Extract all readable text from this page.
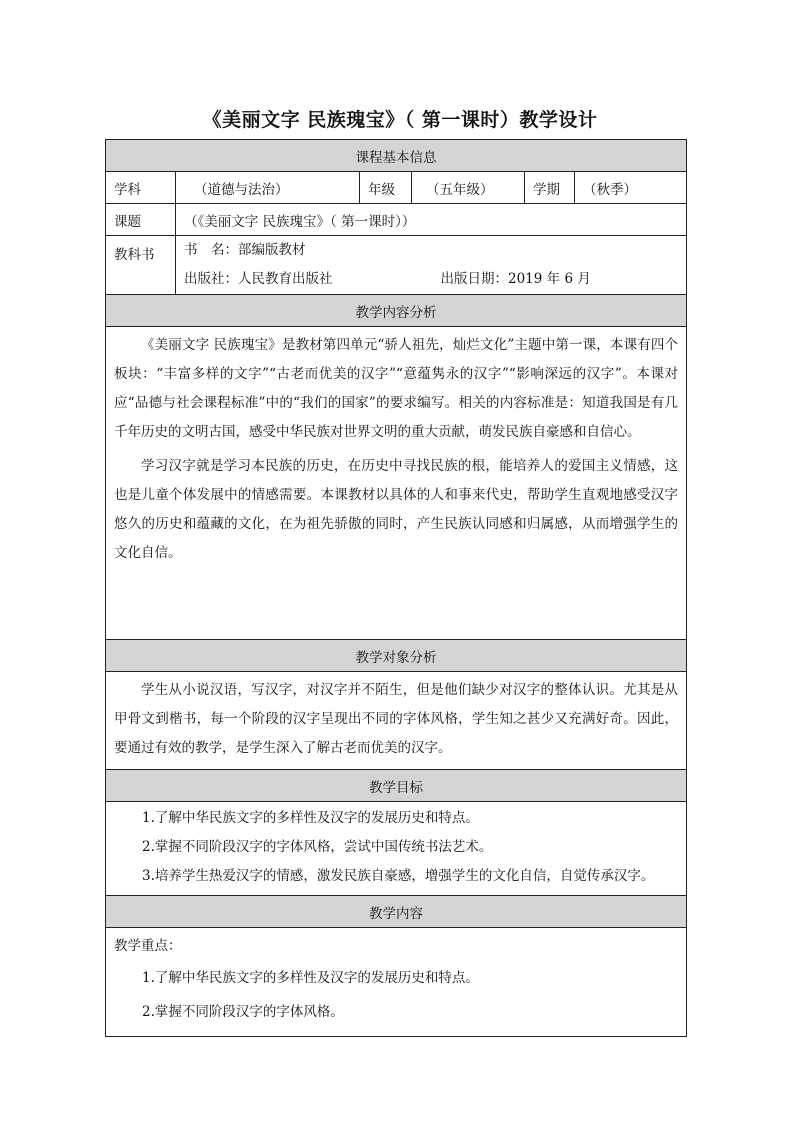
《美丽文字 民族瑰宝》（ 第一课时）教学设计
课程基本信息					
学科	（道德与法治）	年级	（五年级）	学期	（秋季）
课题	（《美丽文字 民族瑰宝》（ 第一课时））				
教科书	书　名：部编版教材
出版社：人民教育出版社 出版日期：2019 年 6 月				

教学内容分析					

《美丽文字 民族瑰宝》是教材第四单元“骄人祖先，灿烂文化”主题中第一课，本课有四个板块：“丰富多样的文字”“古老而优美的汉字”“意蕴隽永的汉字”“影响深远的汉字”。本课对应“品德与社会课程标准”中的“我们的国家”的要求编写。相关的内容标准是：知道我国是有几千年历史的文明古国，感受中华民族对世界文明的重大贡献，萌发民族自豪感和自信心。

学习汉字就是学习本民族的历史，在历史中寻找民族的根，能培养人的爱国主义情感，这也是儿童个体发展中的情感需要。本课教材以具体的人和事来代史，帮助学生直观地感受汉字悠久的历史和蕴藏的文化，在为祖先骄傲的同时，产生民族认同感和归属感，从而增强学生的文化自信。					

教学对象分析					

学生从小说汉语，写汉字，对汉字并不陌生，但是他们缺少对汉字的整体认识。尤其是从甲骨文到楷书，每一个阶段的汉字呈现出不同的字体风格，学生知之甚少又充满好奇。因此，要通过有效的教学，是学生深入了解古老而优美的汉字。					

教学目标					

1.了解中华民族文字的多样性及汉字的发展历史和特点。
2.掌握不同阶段汉字的字体风格，尝试中国传统书法艺术。
3.培养学生热爱汉字的情感，激发民族自豪感，增强学生的文化自信，自觉传承汉字。					

教学内容					

教学重点：
1.了解中华民族文字的多样性及汉字的发展历史和特点。
2.掌握不同阶段汉字的字体风格。					
